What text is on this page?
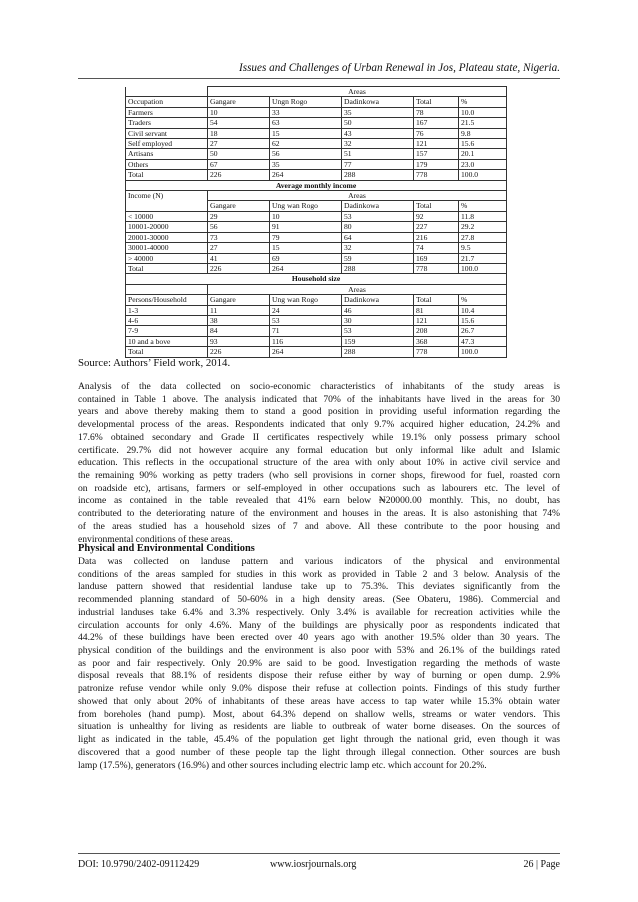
Issues and Challenges of Urban Renewal in Jos, Plateau state, Nigeria.
	Areas				
Occupation	Gangare	Ungn Rogo	Dadinkowa	Total	%
Farmers	10	33	35	78	10.0
Traders	54	63	50	167	21.5
Civil servant	18	15	43	76	9.8
Self employed	27	62	32	121	15.6
Artisans	50	56	51	157	20.1
Others	67	35	77	179	23.0
Total	226	264	288	778	100.0
Average monthly income					
Income (N)	Areas				
	Gangare	Ung wan Rogo	Dadinkowa	Total	%
< 10000	29	10	53	92	11.8
10001-20000	56	91	80	227	29.2
20001-30000	73	79	64	216	27.8
30001-40000	27	15	32	74	9.5
> 40000	41	69	59	169	21.7
Total	226	264	288	778	100.0
Household size					
	Areas				
Persons/Household	Gangare	Ung wan Rogo	Dadinkowa	Total	%
1-3	11	24	46	81	10.4
4-6	38	53	30	121	15.6
7-9	84	71	53	208	26.7
10 and a bove	93	116	159	368	47.3
Total	226	264	288	778	100.0
Source: Authors’ Field work, 2014.
Analysis of the data collected on socio-economic characteristics of inhabitants of the study areas is
contained in Table 1 above. The analysis indicated that 70% of the inhabitants have lived in the areas for 30
years and above thereby making them to stand a good position in providing useful information regarding the
developmental process of the areas. Respondents indicated that only 9.7% acquired higher education, 24.2% and
17.6% obtained secondary and Grade II certificates respectively while 19.1% only possess primary school
certificate. 29.7% did not however acquire any formal education but only informal like adult and Islamic
education. This reflects in the occupational structure of the area with only about 10% in active civil service and
the remaining 90% working as petty traders (who sell provisions in corner shops, firewood for fuel, roasted corn
on roadside etc), artisans, farmers or self-employed in other occupations such as labourers etc. The level of
income as contained in the table revealed that 41% earn below ₦20000.00 monthly. This, no doubt, has
contributed to the deteriorating nature of the environment and houses in the areas. It is also astonishing that 74%
of the areas studied has a household sizes of 7 and above. All these contribute to the poor housing and
environmental conditions of these areas.
Physical and Environmental Conditions
Data was collected on landuse pattern and various indicators of the physical and environmental
conditions of the areas sampled for studies in this work as provided in Table 2 and 3 below. Analysis of the
landuse pattern showed that residential landuse take up to 75.3%. This deviates significantly from the
recommended planning standard of 50-60% in a high density areas. (See Obateru, 1986). Commercial and
industrial landuses take 6.4% and 3.3% respectively. Only 3.4% is available for recreation activities while the
circulation accounts for only 4.6%. Many of the buildings are physically poor as respondents indicated that
44.2% of these buildings have been erected over 40 years ago with another 19.5% older than 30 years. The
physical condition of the buildings and the environment is also poor with 53% and 26.1% of the buildings rated
as poor and fair respectively. Only 20.9% are said to be good. Investigation regarding the methods of waste
disposal reveals that 88.1% of residents dispose their refuse either by way of burning or open dump. 2.9%
patronize refuse vendor while only 9.0% dispose their refuse at collection points. Findings of this study further
showed that only about 20% of inhabitants of these areas have access to tap water while 15.3% obtain water
from boreholes (hand pump). Most, about 64.3% depend on shallow wells, streams or water vendors. This
situation is unhealthy for living as residents are liable to outbreak of water borne diseases. On the sources of
light as indicated in the table, 45.4% of the population get light through the national grid, even though it was
discovered that a good number of these people tap the light through illegal connection. Other sources are bush
lamp (17.5%), generators (16.9%) and other sources including electric lamp etc. which account for 20.2%.
DOI: 10.9790/2402-09112429	www.iosrjournals.org	26 | Page
